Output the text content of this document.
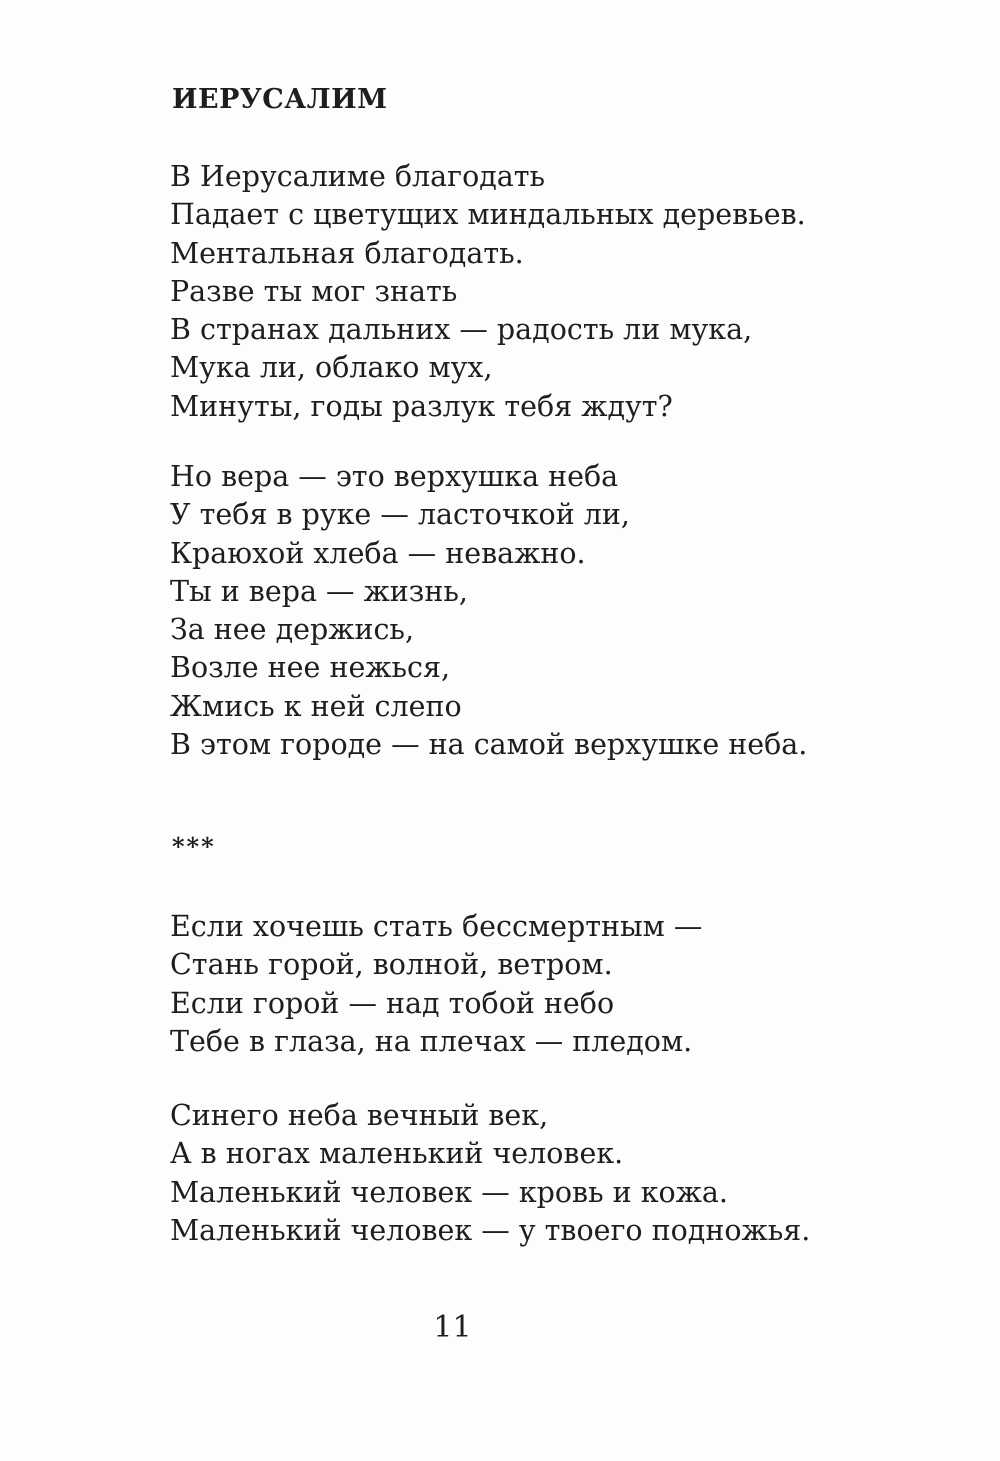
ИЕРУСАЛИМ
В Иерусалиме благодать
Падает с цветущих миндальных деревьев.
Ментальная благодать.
Разве ты мог знать
В странах дальних — радость ли мука,
Мука ли, облако мух,
Минуты, годы разлук тебя ждут?
Но вера — это верхушка неба
У тебя в руке — ласточкой ли,
Краюхой хлеба — неважно.
Ты и вера — жизнь,
За нее держись,
Возле нее нежься,
Жмись к ней слепо
В этом городе — на самой верхушке неба.
***
Если хочешь стать бессмертным —
Стань горой, волной, ветром.
Если горой — над тобой небо
Тебе в глаза, на плечах — пледом.
Синего неба вечный век,
А в ногах маленький человек.
Маленький человек — кровь и кожа.
Маленький человек — у твоего подножья.
11
